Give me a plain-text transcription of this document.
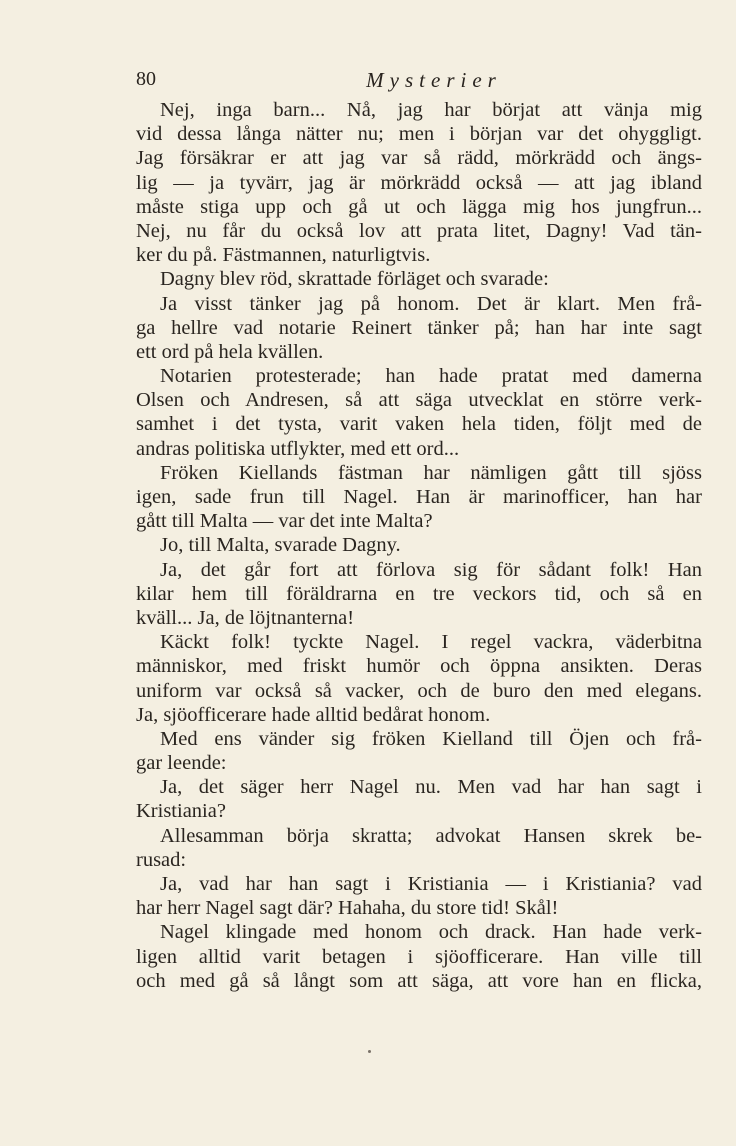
80	Mysterier
Nej, inga barn... Nå, jag har börjat att vänja mig
vid dessa långa nätter nu; men i början var det ohyggligt.
Jag försäkrar er att jag var så rädd, mörkrädd och ängs-
lig — ja tyvärr, jag är mörkrädd också — att jag ibland
måste stiga upp och gå ut och lägga mig hos jungfrun...
Nej, nu får du också lov att prata litet, Dagny! Vad tän-
ker du på. Fästmannen, naturligtvis.
Dagny blev röd, skrattade förläget och svarade:
Ja visst tänker jag på honom. Det är klart. Men frå-
ga hellre vad notarie Reinert tänker på; han har inte sagt
ett ord på hela kvällen.
Notarien protesterade; han hade pratat med damerna
Olsen och Andresen, så att säga utvecklat en större verk-
samhet i det tysta, varit vaken hela tiden, följt med de
andras politiska utflykter, med ett ord...
Fröken Kiellands fästman har nämligen gått till sjöss
igen, sade frun till Nagel. Han är marinofficer, han har
gått till Malta — var det inte Malta?
Jo, till Malta, svarade Dagny.
Ja, det går fort att förlova sig för sådant folk! Han
kilar hem till föräldrarna en tre veckors tid, och så en
kväll... Ja, de löjtnanterna!
Käckt folk! tyckte Nagel. I regel vackra, väderbitna
människor, med friskt humör och öppna ansikten. Deras
uniform var också så vacker, och de buro den med elegans.
Ja, sjöofficerare hade alltid bedårat honom.
Med ens vänder sig fröken Kielland till Öjen och frå-
gar leende:
Ja, det säger herr Nagel nu. Men vad har han sagt i
Kristiania?
Allesamman börja skratta; advokat Hansen skrek be-
rusad:
Ja, vad har han sagt i Kristiania — i Kristiania? vad
har herr Nagel sagt där? Hahaha, du store tid! Skål!
Nagel klingade med honom och drack. Han hade verk-
ligen alltid varit betagen i sjöofficerare. Han ville till
och med gå så långt som att säga, att vore han en flicka,
